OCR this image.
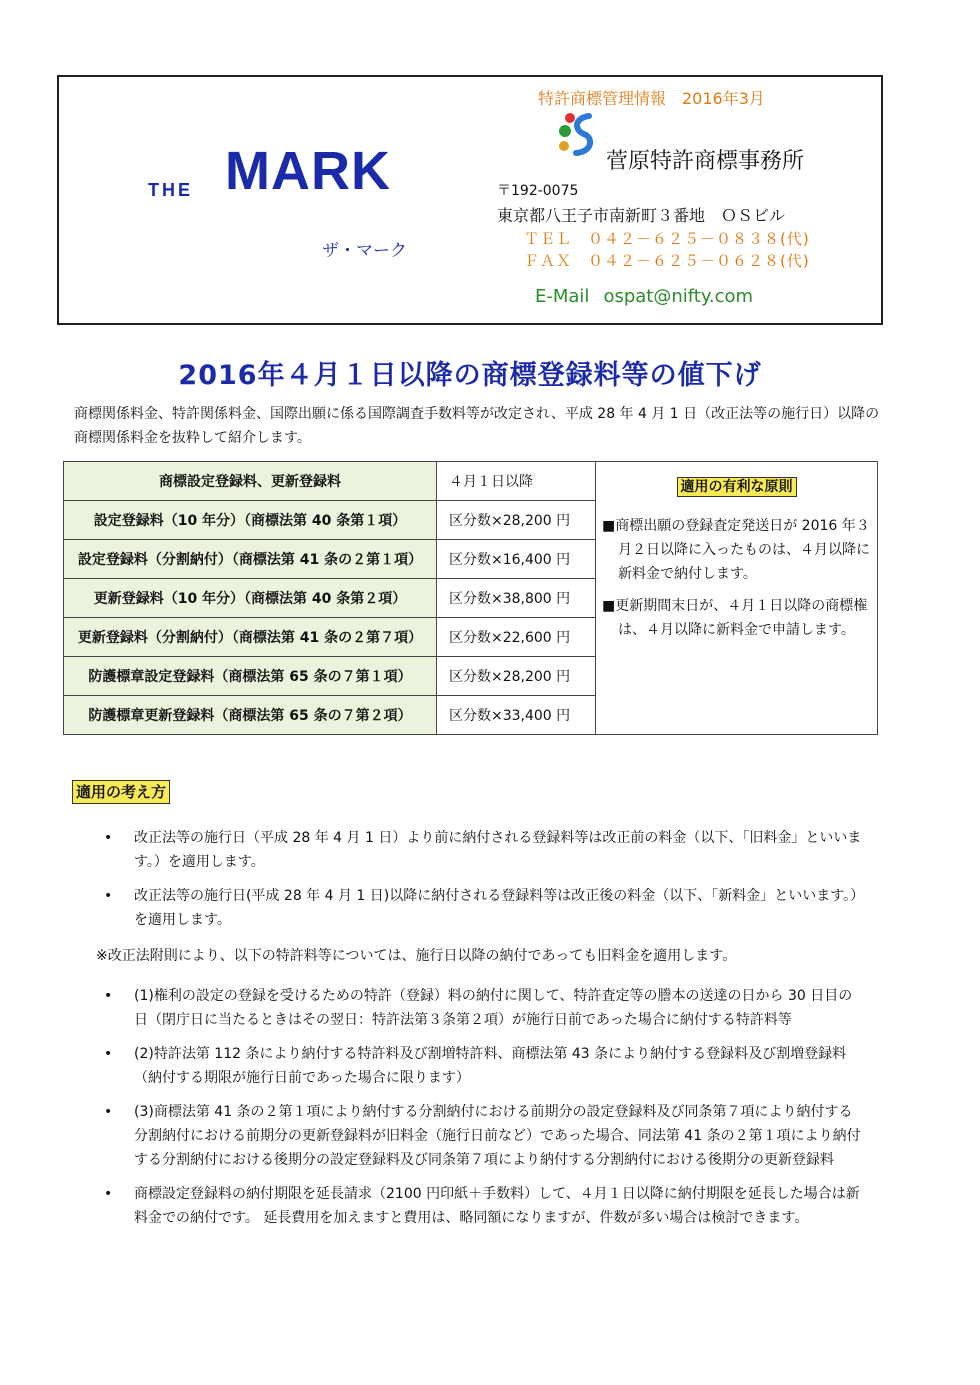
THE MARK
ザ・マーク
特許商標管理情報　2016年3月
菅原特許商標事務所
〒192-0075
東京都八王子市南新町３番地　ＯＳビル
ＴＥＬ　０４２－６２５－０８３８(代)
ＦＡＸ　０４２－６２５－０６２８(代)
E-Mail ospat@nifty.com
2016年４月１日以降の商標登録料等の値下げ
商標関係料金、特許関係料金、国際出願に係る国際調査手数料等が改定され、平成 28 年 4 月 1 日（改正法等の施行日）以降の商標関係料金を抜粋して紹介します。
商標設定登録料、更新登録料	４月１日以降	適用の有利な原則
■商標出願の登録査定発送日が 2016 年３月２日以降に入ったものは、４月以降に新料金で納付します。
■更新期間末日が、４月１日以降の商標権は、４月以降に新料金で申請します。

設定登録料（10 年分）（商標法第 40 条第１項）	区分数×28,200 円	
設定登録料（分割納付）（商標法第 41 条の２第１項）	区分数×16,400 円	
更新登録料（10 年分）（商標法第 40 条第２項）	区分数×38,800 円	
更新登録料（分割納付）（商標法第 41 条の２第７項）	区分数×22,600 円	
防護標章設定登録料（商標法第 65 条の７第１項）	区分数×28,200 円	
防護標章更新登録料（商標法第 65 条の７第２項）	区分数×33,400 円	
適用の考え方
• 改正法等の施行日（平成 28 年 4 月 1 日）より前に納付される登録料等は改正前の料金（以下、「旧料金」といいます。）を適用します。
• 改正法等の施行日(平成 28 年 4 月 1 日)以降に納付される登録料等は改正後の料金（以下、「新料金」といいます。）を適用します。
※改正法附則により、以下の特許料等については、施行日以降の納付であっても旧料金を適用します。
• (1)権利の設定の登録を受けるための特許（登録）料の納付に関して、特許査定等の謄本の送達の日から 30 日目の日（閉庁日に当たるときはその翌日：特許法第３条第２項）が施行日前であった場合に納付する特許料等
• (2)特許法第 112 条により納付する特許料及び割増特許料、商標法第 43 条により納付する登録料及び割増登録料（納付する期限が施行日前であった場合に限ります）
• (3)商標法第 41 条の２第１項により納付する分割納付における前期分の設定登録料及び同条第７項により納付する分割納付における前期分の更新登録料が旧料金（施行日前など）であった場合、同法第 41 条の２第１項により納付する分割納付における後期分の設定登録料及び同条第７項により納付する分割納付における後期分の更新登録料
• 商標設定登録料の納付期限を延長請求（2100 円印紙＋手数料）して、４月１日以降に納付期限を延長した場合は新料金での納付です。 延長費用を加えますと費用は、略同額になりますが、件数が多い場合は検討できます。
